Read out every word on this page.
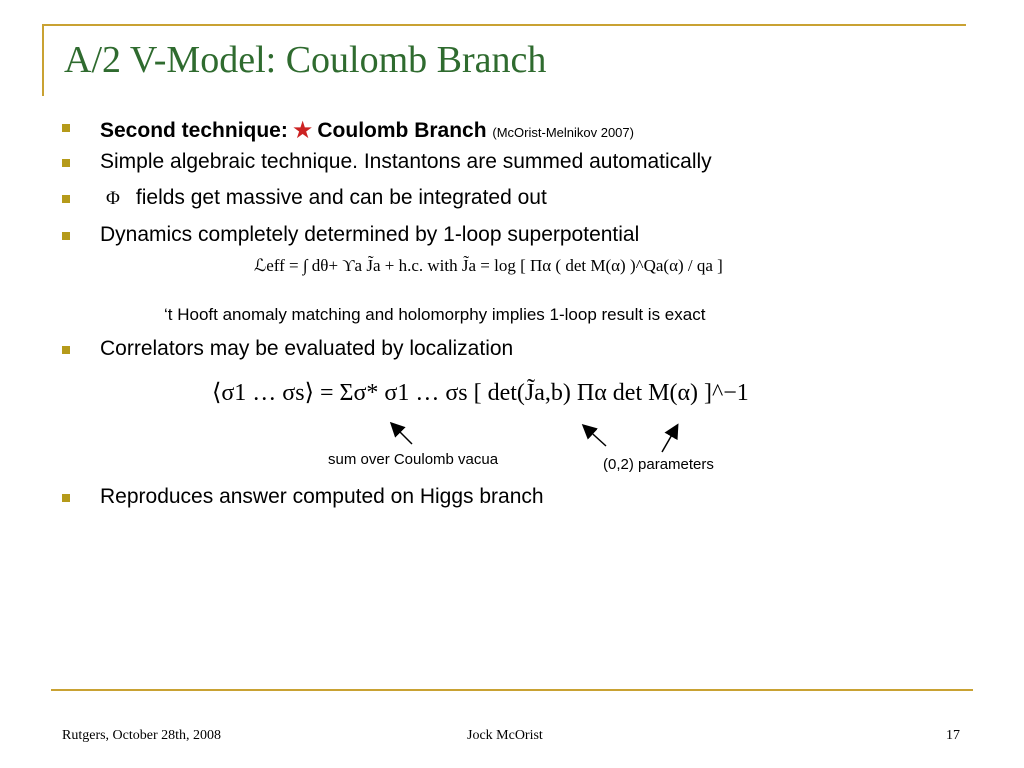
A/2 V-Model: Coulomb Branch
Second technique: ★ Coulomb Branch (McOrist-Melnikov 2007)
Simple algebraic technique. Instantons are summed automatically
Φ fields get massive and can be integrated out
Dynamics completely determined by 1-loop superpotential
ℒeff = ∫ dθ+ ϒa J̃a + h.c. with J̃a = log [ Πα ( det M(α) )^Qa(α) / qa ]
‘t Hooft anomaly matching and holomorphy implies 1-loop result is exact
Correlators may be evaluated by localization
⟨σ1 … σs⟩ = Σσ* σ1 … σs [ det(J̃a,b) Πα det M(α) ]^−1
sum over Coulomb vacua	(0,2) parameters
Reproduces answer computed on Higgs branch
Rutgers, October 28th, 2008	Jock McOrist	17
